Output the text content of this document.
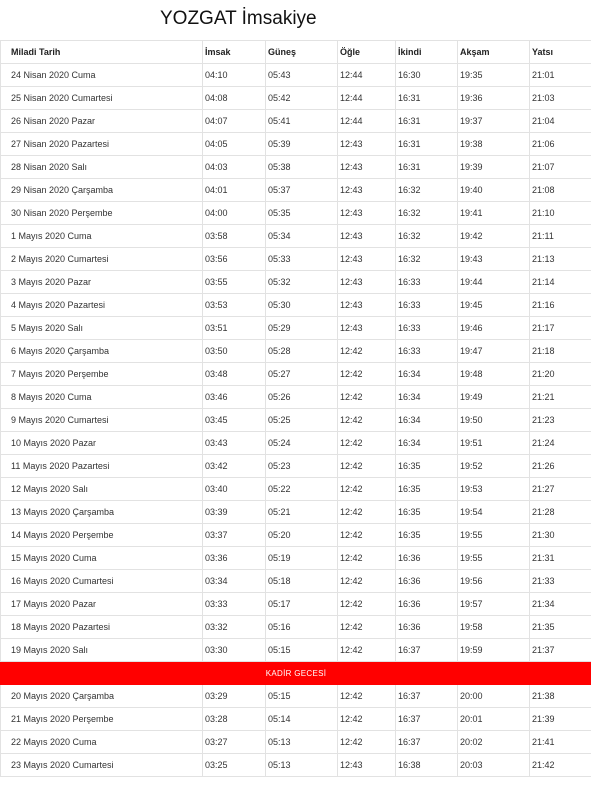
YOZGAT İmsakiye
Miladi Tarih	İmsak	Güneş	Öğle	İkindi	Akşam	Yatsı
24 Nisan 2020 Cuma	04:10	05:43	12:44	16:30	19:35	21:01
25 Nisan 2020 Cumartesi	04:08	05:42	12:44	16:31	19:36	21:03
26 Nisan 2020 Pazar	04:07	05:41	12:44	16:31	19:37	21:04
27 Nisan 2020 Pazartesi	04:05	05:39	12:43	16:31	19:38	21:06
28 Nisan 2020 Salı	04:03	05:38	12:43	16:31	19:39	21:07
29 Nisan 2020 Çarşamba	04:01	05:37	12:43	16:32	19:40	21:08
30 Nisan 2020 Perşembe	04:00	05:35	12:43	16:32	19:41	21:10
1 Mayıs 2020 Cuma	03:58	05:34	12:43	16:32	19:42	21:11
2 Mayıs 2020 Cumartesi	03:56	05:33	12:43	16:32	19:43	21:13
3 Mayıs 2020 Pazar	03:55	05:32	12:43	16:33	19:44	21:14
4 Mayıs 2020 Pazartesi	03:53	05:30	12:43	16:33	19:45	21:16
5 Mayıs 2020 Salı	03:51	05:29	12:43	16:33	19:46	21:17
6 Mayıs 2020 Çarşamba	03:50	05:28	12:42	16:33	19:47	21:18
7 Mayıs 2020 Perşembe	03:48	05:27	12:42	16:34	19:48	21:20
8 Mayıs 2020 Cuma	03:46	05:26	12:42	16:34	19:49	21:21
9 Mayıs 2020 Cumartesi	03:45	05:25	12:42	16:34	19:50	21:23
10 Mayıs 2020 Pazar	03:43	05:24	12:42	16:34	19:51	21:24
11 Mayıs 2020 Pazartesi	03:42	05:23	12:42	16:35	19:52	21:26
12 Mayıs 2020 Salı	03:40	05:22	12:42	16:35	19:53	21:27
13 Mayıs 2020 Çarşamba	03:39	05:21	12:42	16:35	19:54	21:28
14 Mayıs 2020 Perşembe	03:37	05:20	12:42	16:35	19:55	21:30
15 Mayıs 2020 Cuma	03:36	05:19	12:42	16:36	19:55	21:31
16 Mayıs 2020 Cumartesi	03:34	05:18	12:42	16:36	19:56	21:33
17 Mayıs 2020 Pazar	03:33	05:17	12:42	16:36	19:57	21:34
18 Mayıs 2020 Pazartesi	03:32	05:16	12:42	16:36	19:58	21:35
19 Mayıs 2020 Salı	03:30	05:15	12:42	16:37	19:59	21:37
KADİR GECESİ						
20 Mayıs 2020 Çarşamba	03:29	05:15	12:42	16:37	20:00	21:38
21 Mayıs 2020 Perşembe	03:28	05:14	12:42	16:37	20:01	21:39
22 Mayıs 2020 Cuma	03:27	05:13	12:42	16:37	20:02	21:41
23 Mayıs 2020 Cumartesi	03:25	05:13	12:43	16:38	20:03	21:42
